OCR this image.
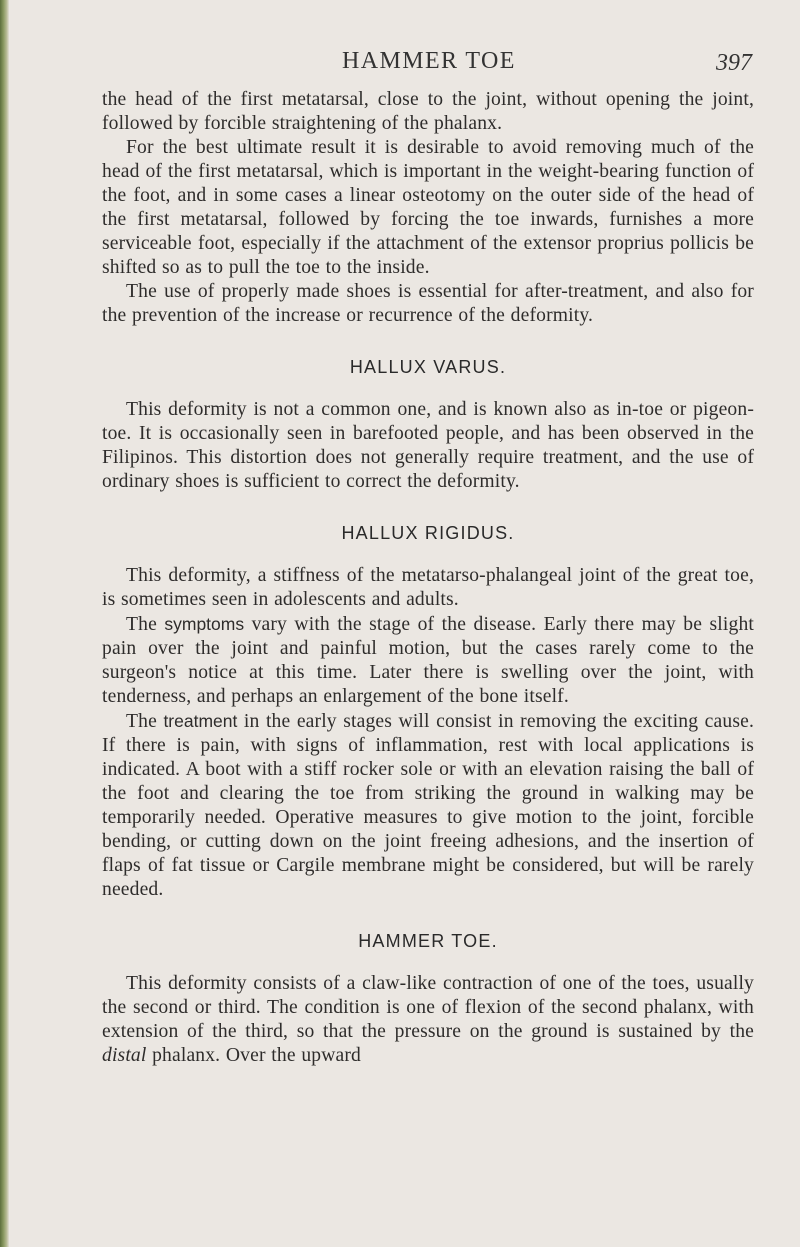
HAMMER TOE	397

the head of the first metatarsal, close to the joint, without opening the joint, followed by forcible straightening of the phalanx.

For the best ultimate result it is desirable to avoid removing much of the head of the first metatarsal, which is important in the weight-bearing function of the foot, and in some cases a linear osteotomy on the outer side of the head of the first metatarsal, followed by forcing the toe inwards, furnishes a more serviceable foot, especially if the attachment of the extensor proprius pollicis be shifted so as to pull the toe to the inside.

The use of properly made shoes is essential for after-treatment, and also for the prevention of the increase or recurrence of the deformity.

HALLUX VARUS.

This deformity is not a common one, and is known also as in-toe or pigeon-toe. It is occasionally seen in barefooted people, and has been observed in the Filipinos. This distortion does not generally require treatment, and the use of ordinary shoes is sufficient to correct the deformity.

HALLUX RIGIDUS.

This deformity, a stiffness of the metatarso-phalangeal joint of the great toe, is sometimes seen in adolescents and adults.

The symptoms vary with the stage of the disease. Early there may be slight pain over the joint and painful motion, but the cases rarely come to the surgeon's notice at this time. Later there is swelling over the joint, with tenderness, and perhaps an enlargement of the bone itself.

The treatment in the early stages will consist in removing the exciting cause. If there is pain, with signs of inflammation, rest with local applications is indicated. A boot with a stiff rocker sole or with an elevation raising the ball of the foot and clearing the toe from striking the ground in walking may be temporarily needed. Operative measures to give motion to the joint, forcible bending, or cutting down on the joint freeing adhesions, and the insertion of flaps of fat tissue or Cargile membrane might be considered, but will be rarely needed.

HAMMER TOE.

This deformity consists of a claw-like contraction of one of the toes, usually the second or third. The condition is one of flexion of the second phalanx, with extension of the third, so that the pressure on the ground is sustained by the distal phalanx. Over the upward
